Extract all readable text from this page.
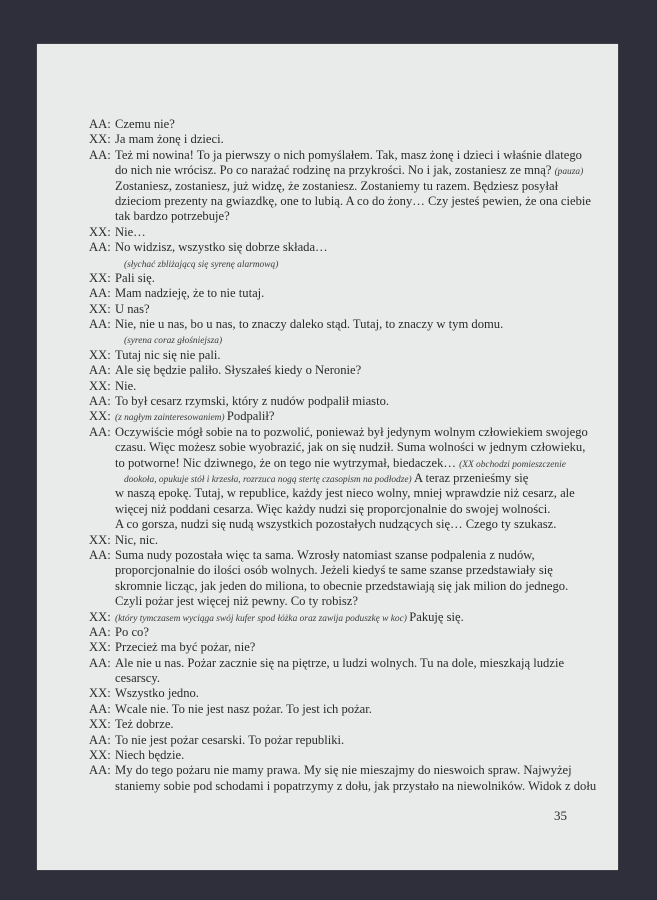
AA: Czemu nie?
XX: Ja mam żonę i dzieci.
AA: Też mi nowina! To ja pierwszy o nich pomyślałem. Tak, masz żonę i dzieci i właśnie dlatego
do nich nie wrócisz. Po co narażać rodzinę na przykrości. No i jak, zostaniesz ze mną? (pauza)
Zostaniesz, zostaniesz, już widzę, że zostaniesz. Zostaniemy tu razem. Będziesz posyłał
dzieciom prezenty na gwiazdkę, one to lubią. A co do żony… Czy jesteś pewien, że ona ciebie
tak bardzo potrzebuje?
XX: Nie…
AA: No widzisz, wszystko się dobrze składa…
(słychać zbliżającą się syrenę alarmową)
XX: Pali się.
AA: Mam nadzieję, że to nie tutaj.
XX: U nas?
AA: Nie, nie u nas, bo u nas, to znaczy daleko stąd. Tutaj, to znaczy w tym domu.
(syrena coraz głośniejsza)
XX: Tutaj nic się nie pali.
AA: Ale się będzie paliło. Słyszałeś kiedy o Neronie?
XX: Nie.
AA: To był cesarz rzymski, który z nudów podpalił miasto.
XX: (z nagłym zainteresowaniem) Podpalił?
AA: Oczywiście mógł sobie na to pozwolić, ponieważ był jedynym wolnym człowiekiem swojego
czasu. Więc możesz sobie wyobrazić, jak on się nudził. Suma wolności w jednym człowieku,
to potworne! Nic dziwnego, że on tego nie wytrzymał, biedaczek… (XX obchodzi pomieszczenie
dookoła, opukuje stół i krzesła, rozrzuca nogą stertę czasopism na podłodze) A teraz przenieśmy się
w naszą epokę. Tutaj, w republice, każdy jest nieco wolny, mniej wprawdzie niż cesarz, ale
więcej niż poddani cesarza. Więc każdy nudzi się proporcjonalnie do swojej wolności.
A co gorsza, nudzi się nudą wszystkich pozostałych nudzących się… Czego ty szukasz.
XX: Nic, nic.
AA: Suma nudy pozostała więc ta sama. Wzrosły natomiast szanse podpalenia z nudów,
proporcjonalnie do ilości osób wolnych. Jeżeli kiedyś te same szanse przedstawiały się
skromnie licząc, jak jeden do miliona, to obecnie przedstawiają się jak milion do jednego.
Czyli pożar jest więcej niż pewny. Co ty robisz?
XX: (który tymczasem wyciąga swój kufer spod łóżka oraz zawija poduszkę w koc) Pakuję się.
AA: Po co?
XX: Przecież ma być pożar, nie?
AA: Ale nie u nas. Pożar zacznie się na piętrze, u ludzi wolnych. Tu na dole, mieszkają ludzie
cesarscy.
XX: Wszystko jedno.
AA: Wcale nie. To nie jest nasz pożar. To jest ich pożar.
XX: Też dobrze.
AA: To nie jest pożar cesarski. To pożar republiki.
XX: Niech będzie.
AA: My do tego pożaru nie mamy prawa. My się nie mieszajmy do nieswoich spraw. Najwyżej
staniemy sobie pod schodami i popatrzymy z dołu, jak przystało na niewolników. Widok z dołu
35
